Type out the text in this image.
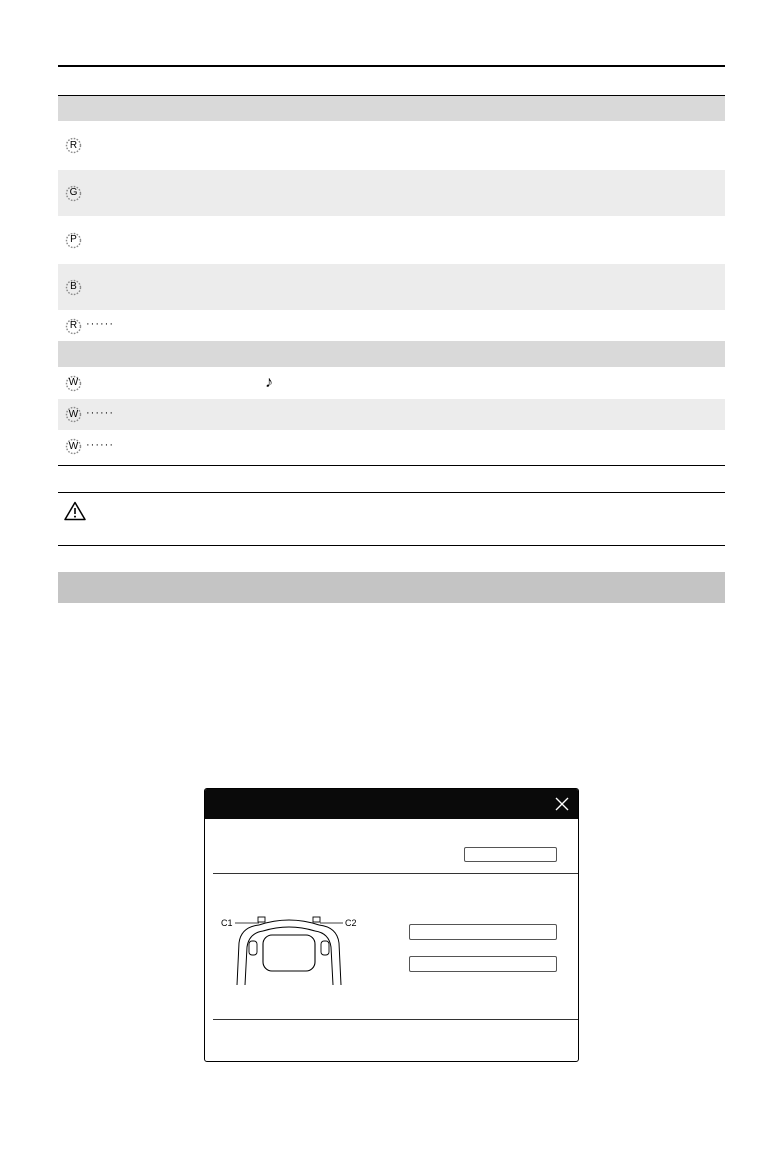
R
G
P
B
R ······
W	♪
W ······
W ······
C1	C2
